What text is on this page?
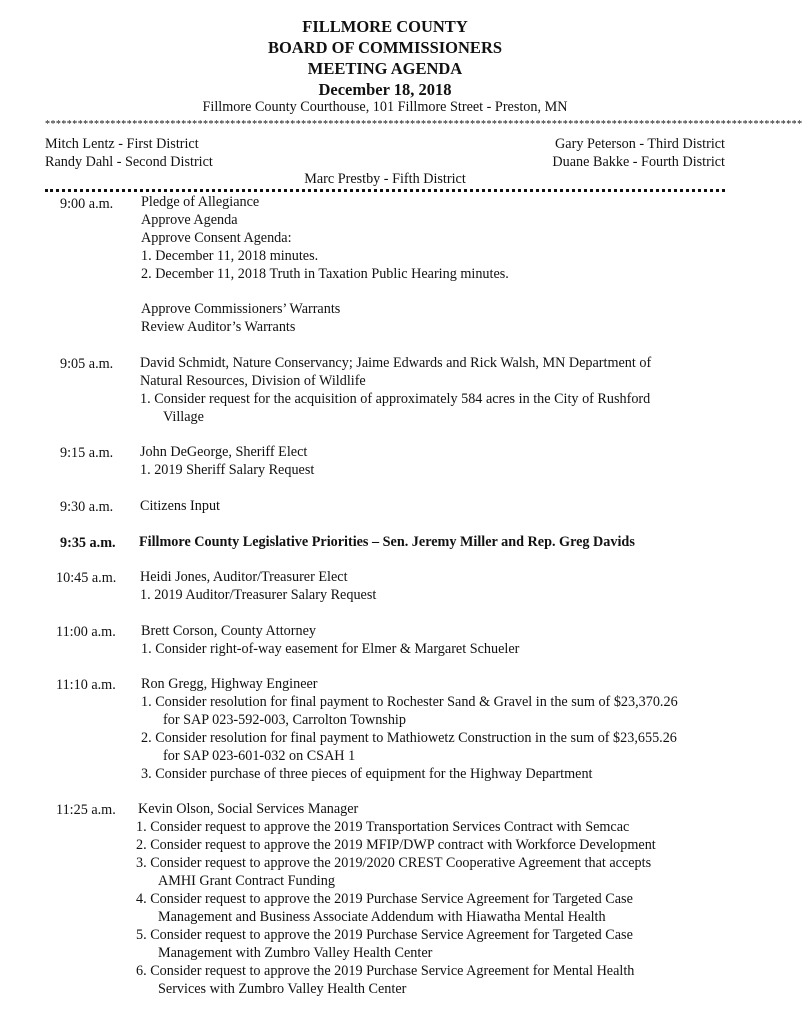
FILLMORE COUNTY
BOARD OF COMMISSIONERS
MEETING AGENDA
December 18, 2018
Fillmore County Courthouse, 101 Fillmore Street - Preston, MN
*******************************************************************************************************************************************
Mitch Lentz - First District	Gary Peterson - Third District
Randy Dahl - Second District	Duane Bakke - Fourth District
Marc Prestby - Fifth District
9:00 a.m. Pledge of Allegiance
Approve Agenda
Approve Consent Agenda:
1. December 11, 2018 minutes.
2. December 11, 2018 Truth in Taxation Public Hearing minutes.
Approve Commissioners’ Warrants
Review Auditor’s Warrants
9:05 a.m. David Schmidt, Nature Conservancy; Jaime Edwards and Rick Walsh, MN Department of
Natural Resources, Division of Wildlife
1. Consider request for the acquisition of approximately 584 acres in the City of Rushford
Village
9:15 a.m. John DeGeorge, Sheriff Elect
1. 2019 Sheriff Salary Request
9:30 a.m. Citizens Input
9:35 a.m. Fillmore County Legislative Priorities – Sen. Jeremy Miller and Rep. Greg Davids
10:45 a.m. Heidi Jones, Auditor/Treasurer Elect
1. 2019 Auditor/Treasurer Salary Request
11:00 a.m. Brett Corson, County Attorney
1. Consider right-of-way easement for Elmer & Margaret Schueler
11:10 a.m. Ron Gregg, Highway Engineer
1. Consider resolution for final payment to Rochester Sand & Gravel in the sum of $23,370.26
for SAP 023-592-003, Carrolton Township
2. Consider resolution for final payment to Mathiowetz Construction in the sum of $23,655.26
for SAP 023-601-032 on CSAH 1
3. Consider purchase of three pieces of equipment for the Highway Department
11:25 a.m. Kevin Olson, Social Services Manager
1. Consider request to approve the 2019 Transportation Services Contract with Semcac
2. Consider request to approve the 2019 MFIP/DWP contract with Workforce Development
3. Consider request to approve the 2019/2020 CREST Cooperative Agreement that accepts
AMHI Grant Contract Funding
4. Consider request to approve the 2019 Purchase Service Agreement for Targeted Case
Management and Business Associate Addendum with Hiawatha Mental Health
5. Consider request to approve the 2019 Purchase Service Agreement for Targeted Case
Management with Zumbro Valley Health Center
6. Consider request to approve the 2019 Purchase Service Agreement for Mental Health
Services with Zumbro Valley Health Center
